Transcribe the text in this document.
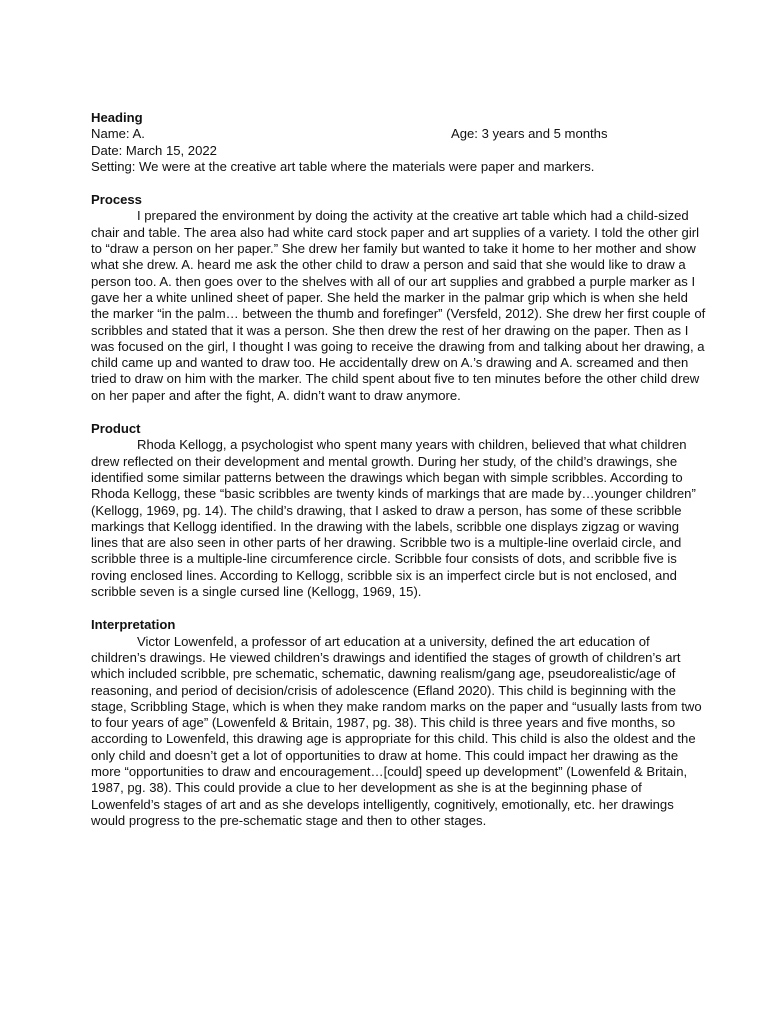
Heading

Name: A.	Age: 3 years and 5 months

Date: March 15, 2022

Setting: We were at the creative art table where the materials were paper and markers.

Process

I prepared the environment by doing the activity at the creative art table which had a child-sized chair and table. The area also had white card stock paper and art supplies of a variety. I told the other girl to “draw a person on her paper.” She drew her family but wanted to take it home to her mother and show what she drew. A. heard me ask the other child to draw a person and said that she would like to draw a person too. A. then goes over to the shelves with all of our art supplies and grabbed a purple marker as I gave her a white unlined sheet of paper. She held the marker in the palmar grip which is when she held the marker “in the palm… between the thumb and forefinger” (Versfeld, 2012). She drew her first couple of scribbles and stated that it was a person. She then drew the rest of her drawing on the paper. Then as I was focused on the girl, I thought I was going to receive the drawing from and talking about her drawing, a child came up and wanted to draw too. He accidentally drew on A.’s drawing and A. screamed and then tried to draw on him with the marker. The child spent about five to ten minutes before the other child drew on her paper and after the fight, A. didn’t want to draw anymore.

Product

Rhoda Kellogg, a psychologist who spent many years with children, believed that what children drew reflected on their development and mental growth. During her study, of the child’s drawings, she identified some similar patterns between the drawings which began with simple scribbles. According to Rhoda Kellogg, these “basic scribbles are twenty kinds of markings that are made by…younger children” (Kellogg, 1969, pg. 14). The child’s drawing, that I asked to draw a person, has some of these scribble markings that Kellogg identified. In the drawing with the labels, scribble one displays zigzag or waving lines that are also seen in other parts of her drawing. Scribble two is a multiple-line overlaid circle, and scribble three is a multiple-line circumference circle. Scribble four consists of dots, and scribble five is roving enclosed lines. According to Kellogg, scribble six is an imperfect circle but is not enclosed, and scribble seven is a single cursed line (Kellogg, 1969, 15).

Interpretation

Victor Lowenfeld, a professor of art education at a university, defined the art education of children’s drawings. He viewed children’s drawings and identified the stages of growth of children’s art which included scribble, pre schematic, schematic, dawning realism/gang age, pseudorealistic/age of reasoning, and period of decision/crisis of adolescence (Efland 2020). This child is beginning with the stage, Scribbling Stage, which is when they make random marks on the paper and “usually lasts from two to four years of age” (Lowenfeld & Britain, 1987, pg. 38). This child is three years and five months, so according to Lowenfeld, this drawing age is appropriate for this child. This child is also the oldest and the only child and doesn’t get a lot of opportunities to draw at home. This could impact her drawing as the more “opportunities to draw and encouragement…[could] speed up development” (Lowenfeld & Britain, 1987, pg. 38). This could provide a clue to her development as she is at the beginning phase of Lowenfeld’s stages of art and as she develops intelligently, cognitively, emotionally, etc. her drawings would progress to the pre-schematic stage and then to other stages.
